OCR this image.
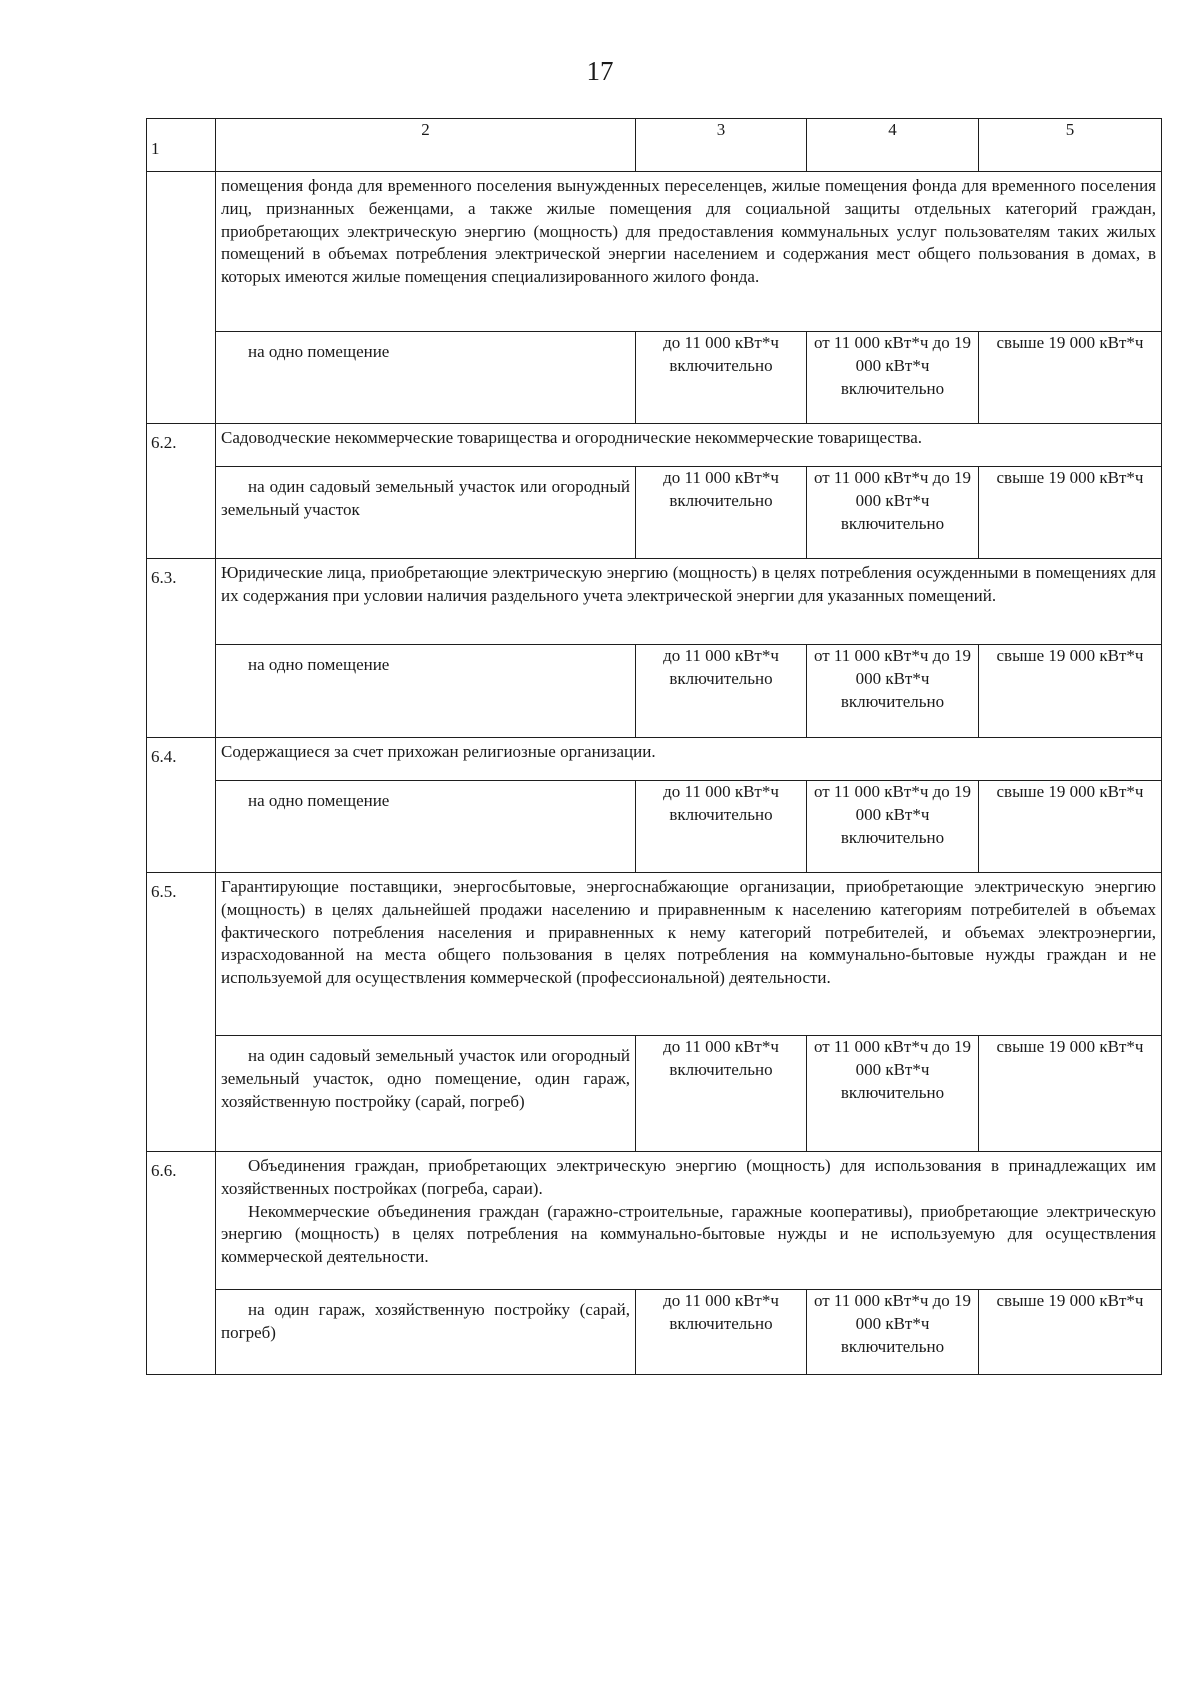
17
1	2	3	4	5

	помещения фонда для временного поселения вынужденных переселенцев, жилые помещения фонда для временного поселения лиц, признанных беженцами, а также жилые помещения для социальной защиты отдельных категорий граждан, приобретающих электрическую энергию (мощность) для предоставления коммунальных услуг пользователям таких жилых помещений в объемах потребления электрической энергии населением и содержания мест общего пользования в домах, в которых имеются жилые помещения специализированного жилого фонда.			

	на одно помещение	до 11 000 кВт*ч включительно	от 11 000 кВт*ч до 19 000 кВт*ч включительно	свыше 19 000 кВт*ч
6.2.	Садоводческие некоммерческие товарищества и огороднические некоммерческие товарищества.			

	на один садовый земельный участок или огородный земельный участок	до 11 000 кВт*ч включительно	от 11 000 кВт*ч до 19 000 кВт*ч включительно	свыше 19 000 кВт*ч
6.3.	Юридические лица, приобретающие электрическую энергию (мощность) в целях потребления осужденными в помещениях для их содержания при условии наличия раздельного учета электрической энергии для указанных помещений.			

	на одно помещение	до 11 000 кВт*ч включительно	от 11 000 кВт*ч до 19 000 кВт*ч включительно	свыше 19 000 кВт*ч
6.4.	Содержащиеся за счет прихожан религиозные организации.			

	на одно помещение	до 11 000 кВт*ч включительно	от 11 000 кВт*ч до 19 000 кВт*ч включительно	свыше 19 000 кВт*ч
6.5.	Гарантирующие поставщики, энергосбытовые, энергоснабжающие организации, приобретающие электрическую энергию (мощность) в целях дальнейшей продажи населению и приравненным к населению категориям потребителей в объемах фактического потребления населения и приравненных к нему категорий потребителей, и объемах электроэнергии, израсходованной на места общего пользования в целях потребления на коммунально-бытовые нужды граждан и не используемой для осуществления коммерческой (профессиональной) деятельности.			

	на один садовый земельный участок или огородный земельный участок, одно помещение, один гараж, хозяйственную постройку (сарай, погреб)	до 11 000 кВт*ч включительно	от 11 000 кВт*ч до 19 000 кВт*ч включительно	свыше 19 000 кВт*ч
6.6.	Объединения граждан, приобретающих электрическую энергию (мощность) для использования в принадлежащих им хозяйственных постройках (погреба, сараи).

Некоммерческие объединения граждан (гаражно-строительные, гаражные кооперативы), приобретающие электрическую энергию (мощность) в целях потребления на коммунально-бытовые нужды и не используемую для осуществления коммерческой деятельности.			

	на один гараж, хозяйственную постройку (сарай, погреб)	до 11 000 кВт*ч включительно	от 11 000 кВт*ч до 19 000 кВт*ч включительно	свыше 19 000 кВт*ч
